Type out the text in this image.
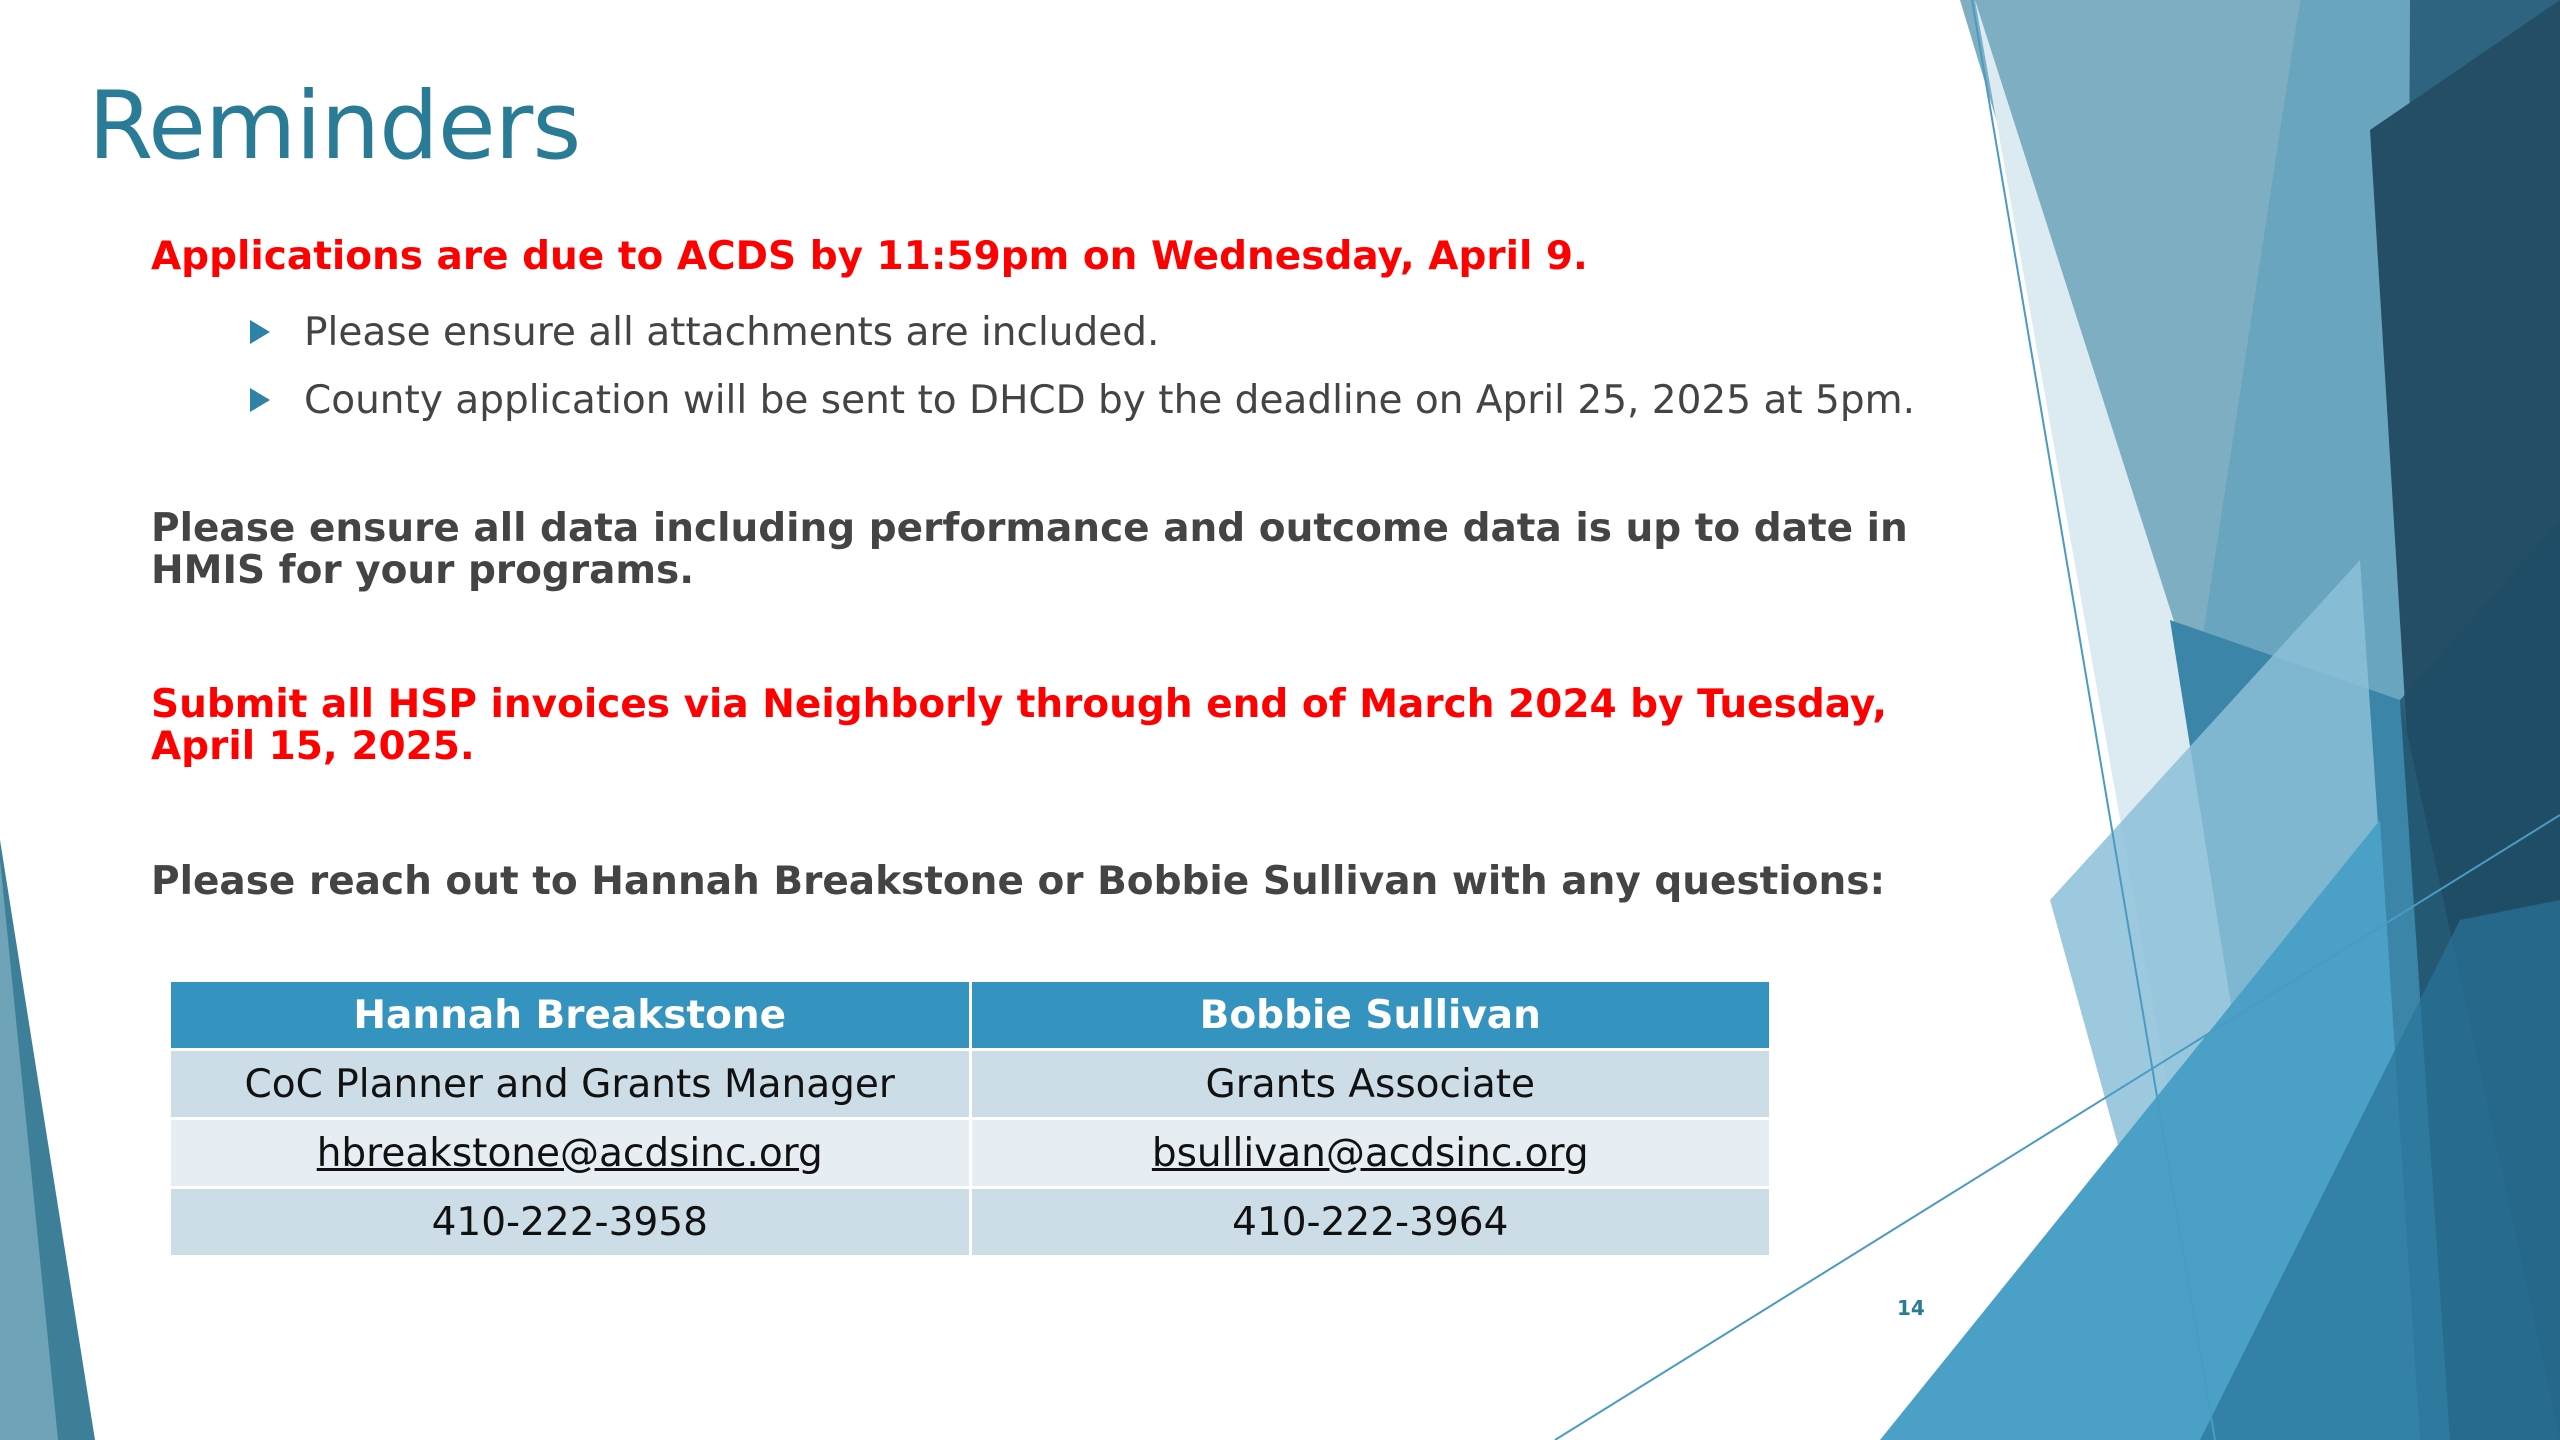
Reminders
Applications are due to ACDS by 11:59pm on Wednesday, April 9.
Please ensure all attachments are included.
County application will be sent to DHCD by the deadline on April 25, 2025 at 5pm.
Please ensure all data including performance and outcome data is up to date in HMIS for your programs.
Submit all HSP invoices via Neighborly through end of March 2024 by Tuesday, April 15, 2025.
Please reach out to Hannah Breakstone or Bobbie Sullivan with any questions:
Hannah Breakstone	Bobbie Sullivan
CoC Planner and Grants Manager	Grants Associate
hbreakstone@acdsinc.org	bsullivan@acdsinc.org
410-222-3958	410-222-3964
14
